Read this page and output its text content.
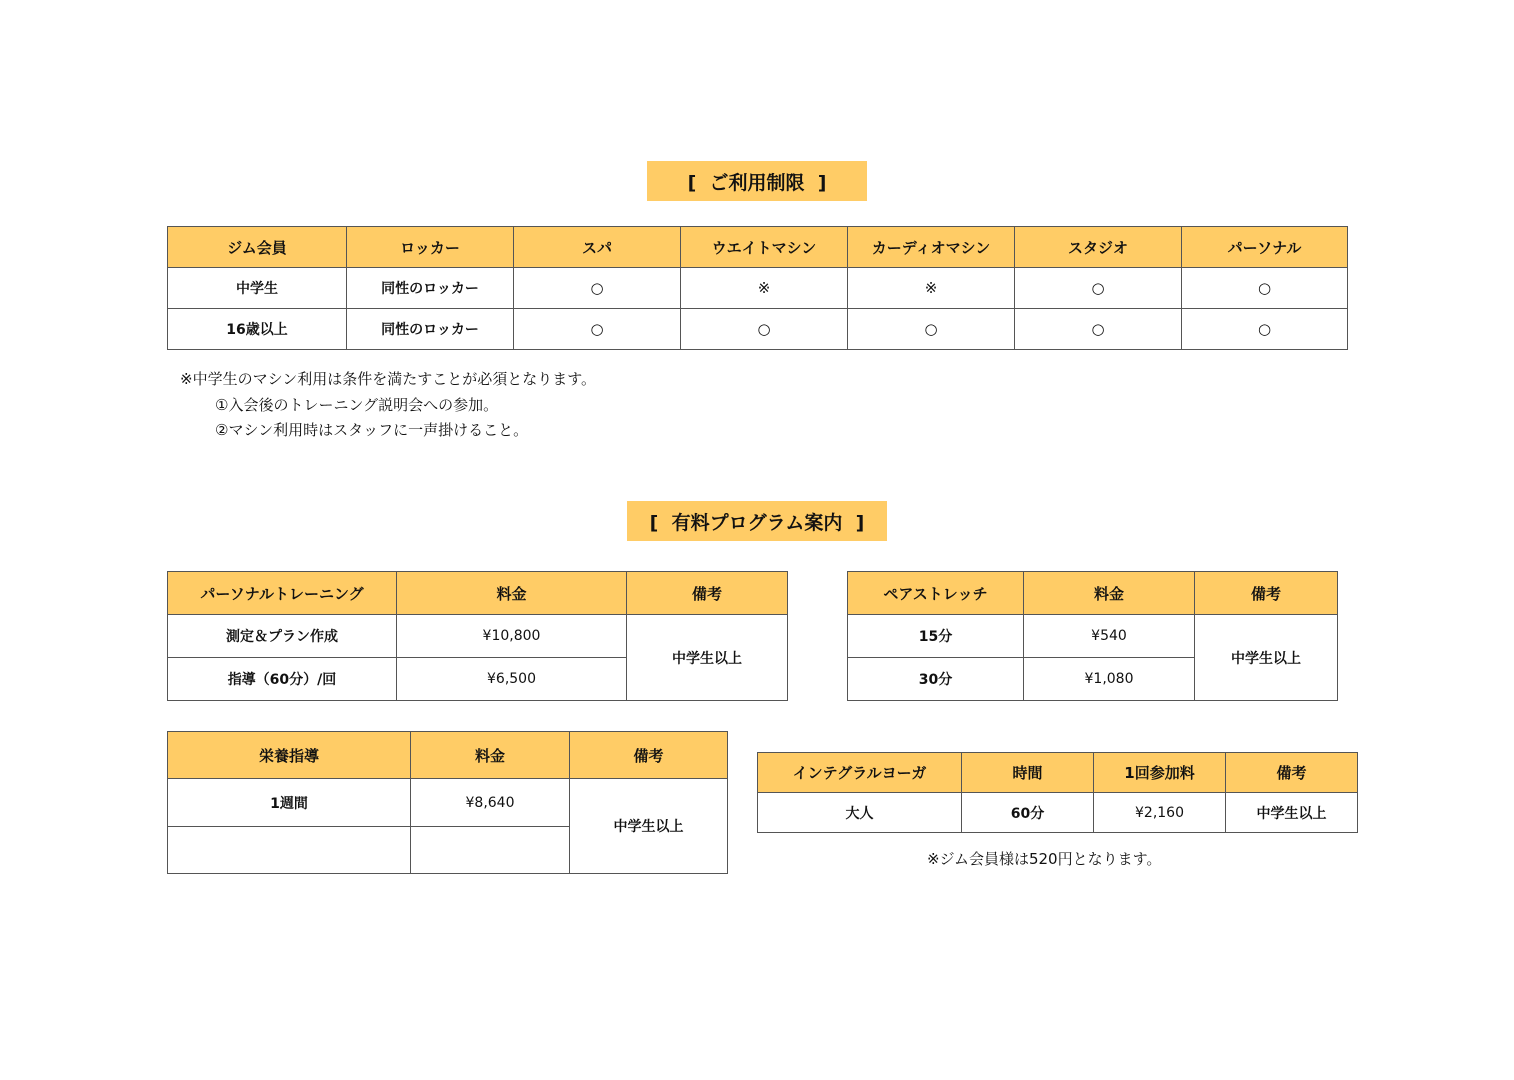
[  ご利用制限  ]
ジム会員	ロッカー	スパ	ウエイトマシン	カーディオマシン	スタジオ	パーソナル
中学生	同性のロッカー	○	※	※	○	○
16歳以上	同性のロッカー	○	○	○	○	○
※中学生のマシン利用は条件を満たすことが必須となります。
①入会後のトレーニング説明会への参加。
②マシン利用時はスタッフに一声掛けること。
[  有料プログラム案内  ]
パーソナルトレーニング	料金	備考
測定＆プラン作成	¥10,800	中学生以上
指導（60分）/回	¥6,500	
ペアストレッチ	料金	備考
15分	¥540	中学生以上
30分	¥1,080	
栄養指導	料金	備考
1週間	¥8,640	中学生以上

インテグラルヨーガ	時間	1回参加料	備考
大人	60分	¥2,160	中学生以上
※ジム会員様は520円となります。
